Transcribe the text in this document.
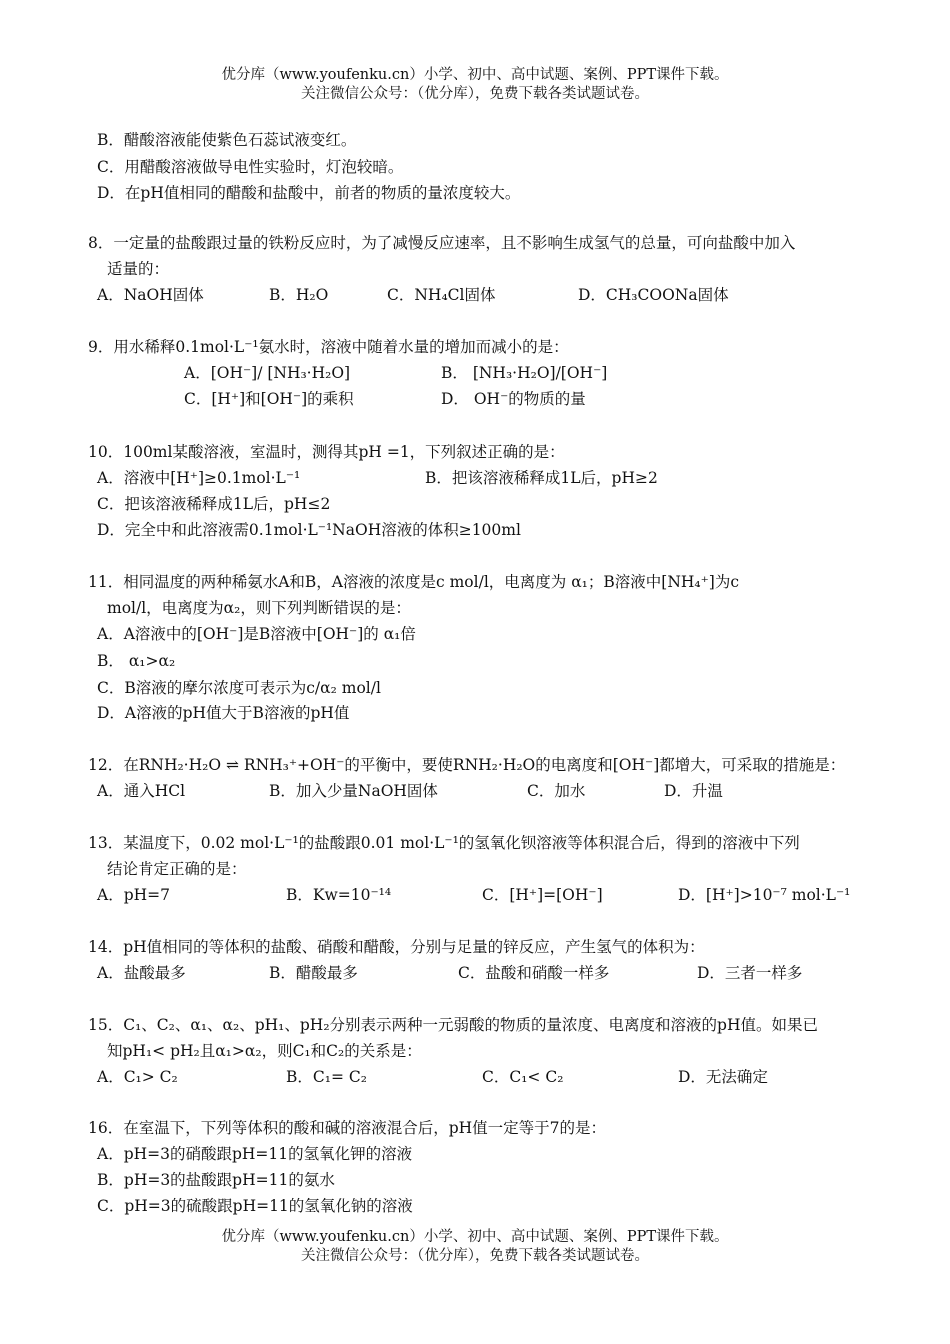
优分库（www.youfenku.cn）小学、初中、高中试题、案例、PPT课件下载。
关注微信公众号：（优分库），免费下载各类试题试卷。
B．醋酸溶液能使紫色石蕊试液变红。
C．用醋酸溶液做导电性实验时，灯泡较暗。
D．在pH值相同的醋酸和盐酸中，前者的物质的量浓度较大。
8．一定量的盐酸跟过量的铁粉反应时，为了减慢反应速率，且不影响生成氢气的总量，可向盐酸中加入
适量的：
A．NaOH固体	B．H₂O	C．NH₄Cl固体	D．CH₃COONa固体
9．用水稀释0.1mol·L⁻¹氨水时，溶液中随着水量的增加而减小的是：
A．[OH⁻]/ [NH₃·H₂O]	B． [NH₃·H₂O]/[OH⁻]
C．[H⁺]和[OH⁻]的乘积	D． OH⁻的物质的量
10．100ml某酸溶液，室温时，测得其pH =1，下列叙述正确的是：
A．溶液中[H⁺]≥0.1mol·L⁻¹	B．把该溶液稀释成1L后，pH≥2
C．把该溶液稀释成1L后，pH≤2
D．完全中和此溶液需0.1mol·L⁻¹NaOH溶液的体积≥100ml
11．相同温度的两种稀氨水A和B，A溶液的浓度是c mol/l，电离度为 α₁；B溶液中[NH₄⁺]为c
mol/l，电离度为α₂，则下列判断错误的是：
A．A溶液中的[OH⁻]是B溶液中[OH⁻]的 α₁倍
B． α₁>α₂
C．B溶液的摩尔浓度可表示为c/α₂ mol/l
D．A溶液的pH值大于B溶液的pH值
12．在RNH₂·H₂O ⇌ RNH₃⁺+OH⁻的平衡中，要使RNH₂·H₂O的电离度和[OH⁻]都增大，可采取的措施是：
A．通入HCl	B．加入少量NaOH固体	C．加水	D．升温
13．某温度下，0.02 mol·L⁻¹的盐酸跟0.01 mol·L⁻¹的氢氧化钡溶液等体积混合后，得到的溶液中下列
结论肯定正确的是：
A．pH=7	B．Kw=10⁻¹⁴	C．[H⁺]=[OH⁻]	D．[H⁺]>10⁻⁷ mol·L⁻¹
14．pH值相同的等体积的盐酸、硝酸和醋酸，分别与足量的锌反应，产生氢气的体积为：
A．盐酸最多	B．醋酸最多	C．盐酸和硝酸一样多	D．三者一样多
15．C₁、C₂、α₁、α₂、pH₁、pH₂分别表示两种一元弱酸的物质的量浓度、电离度和溶液的pH值。如果已
知pH₁< pH₂且α₁>α₂，则C₁和C₂的关系是：
A．C₁> C₂	B．C₁= C₂	C．C₁< C₂	D．无法确定
16．在室温下，下列等体积的酸和碱的溶液混合后，pH值一定等于7的是：
A．pH=3的硝酸跟pH=11的氢氧化钾的溶液
B．pH=3的盐酸跟pH=11的氨水
C．pH=3的硫酸跟pH=11的氢氧化钠的溶液
优分库（www.youfenku.cn）小学、初中、高中试题、案例、PPT课件下载。
关注微信公众号：（优分库），免费下载各类试题试卷。
